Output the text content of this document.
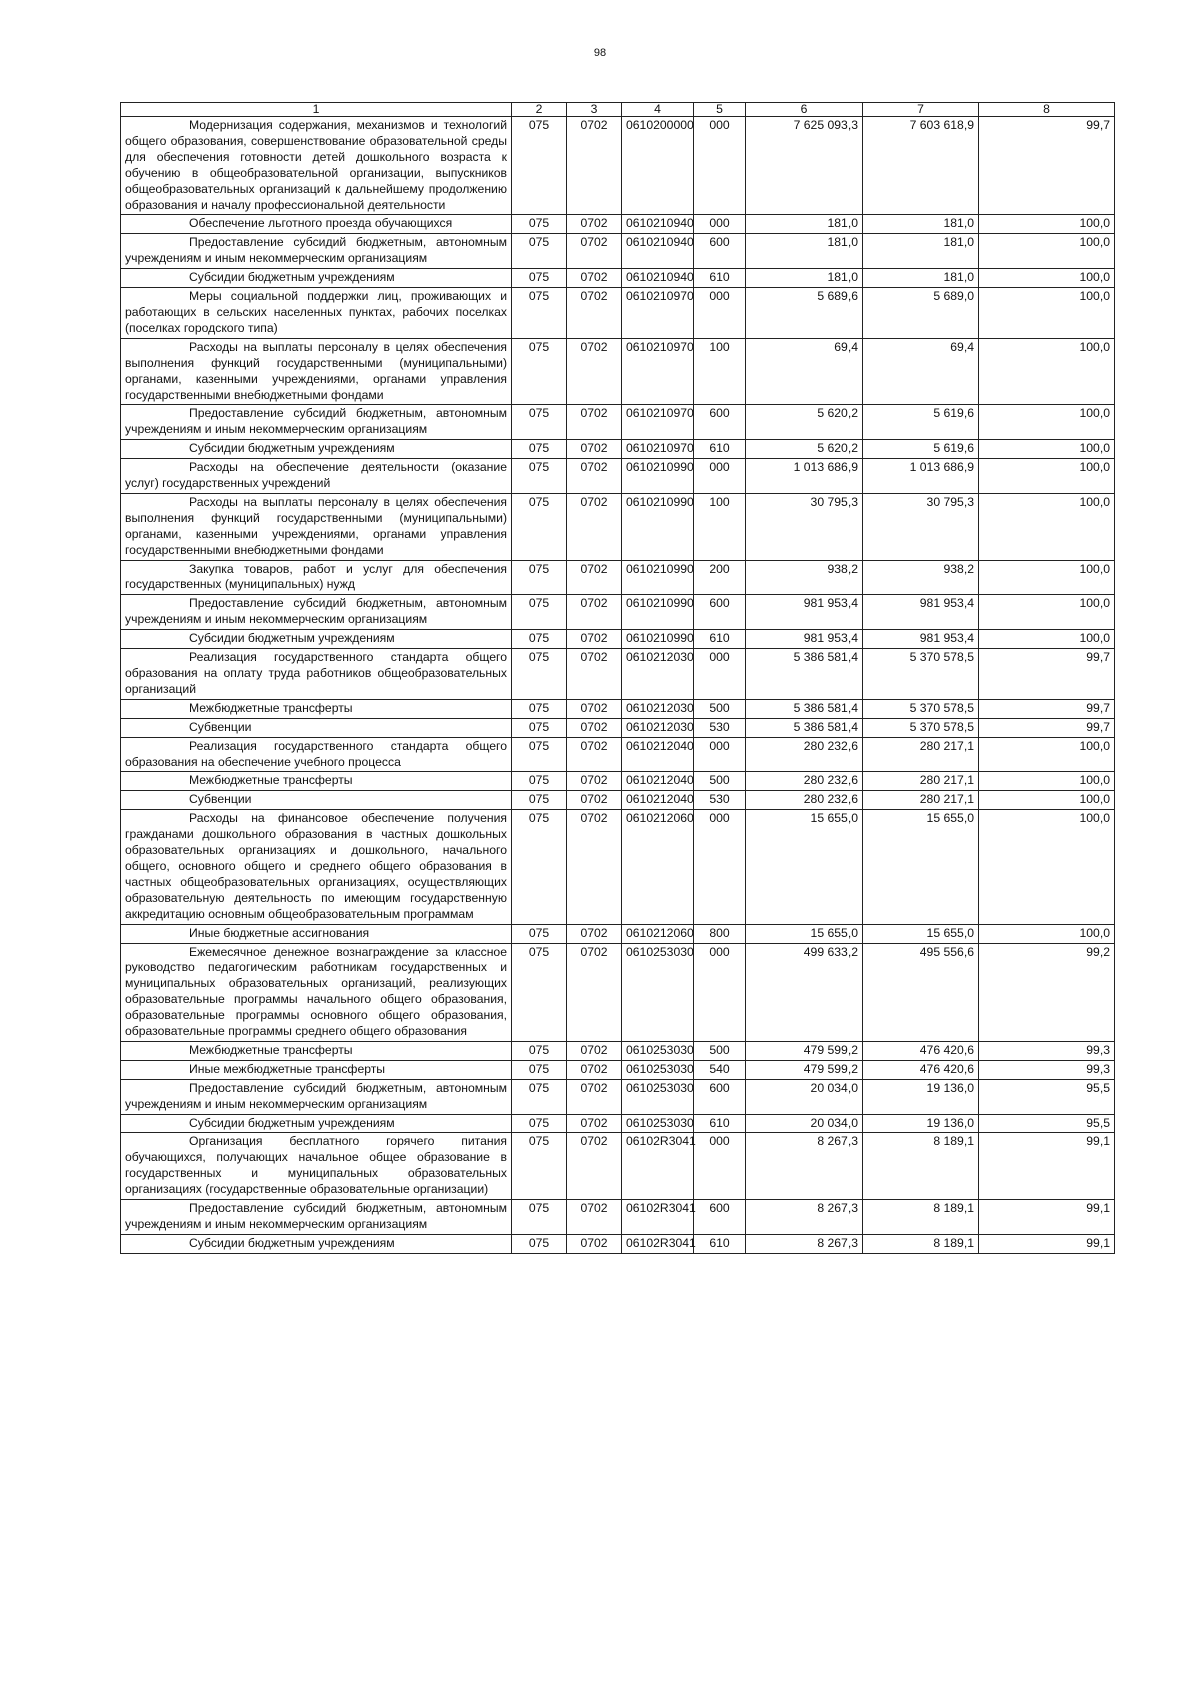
98
1	2	3	4	5	6	7	8
Модернизация содержания, механизмов и технологий общего образования, совершенствование образовательной среды для обеспечения готовности детей дошкольного возраста к обучению в общеобразовательной организации, выпускников общеобразовательных организаций к дальнейшему продолжению образования и началу профессиональной деятельности	075	0702	0610200000	000	7 625 093,3	7 603 618,9	99,7
Обеспечение льготного проезда обучающихся	075	0702	0610210940	000	181,0	181,0	100,0
Предоставление субсидий бюджетным, автономным учреждениям и иным некоммерческим организациям	075	0702	0610210940	600	181,0	181,0	100,0
Субсидии бюджетным учреждениям	075	0702	0610210940	610	181,0	181,0	100,0
Меры социальной поддержки лиц, проживающих и работающих в сельских населенных пунктах, рабочих поселках (поселках городского типа)	075	0702	0610210970	000	5 689,6	5 689,0	100,0
Расходы на выплаты персоналу в целях обеспечения выполнения функций государственными (муниципальными) органами, казенными учреждениями, органами управления государственными внебюджетными фондами	075	0702	0610210970	100	69,4	69,4	100,0
Предоставление субсидий бюджетным, автономным учреждениям и иным некоммерческим организациям	075	0702	0610210970	600	5 620,2	5 619,6	100,0
Субсидии бюджетным учреждениям	075	0702	0610210970	610	5 620,2	5 619,6	100,0
Расходы на обеспечение деятельности (оказание услуг) государственных учреждений	075	0702	0610210990	000	1 013 686,9	1 013 686,9	100,0
Расходы на выплаты персоналу в целях обеспечения выполнения функций государственными (муниципальными) органами, казенными учреждениями, органами управления государственными внебюджетными фондами	075	0702	0610210990	100	30 795,3	30 795,3	100,0
Закупка товаров, работ и услуг для обеспечения государственных (муниципальных) нужд	075	0702	0610210990	200	938,2	938,2	100,0
Предоставление субсидий бюджетным, автономным учреждениям и иным некоммерческим организациям	075	0702	0610210990	600	981 953,4	981 953,4	100,0
Субсидии бюджетным учреждениям	075	0702	0610210990	610	981 953,4	981 953,4	100,0
Реализация государственного стандарта общего образования на оплату труда работников общеобразовательных организаций	075	0702	0610212030	000	5 386 581,4	5 370 578,5	99,7
Межбюджетные трансферты	075	0702	0610212030	500	5 386 581,4	5 370 578,5	99,7
Субвенции	075	0702	0610212030	530	5 386 581,4	5 370 578,5	99,7
Реализация государственного стандарта общего образования на обеспечение учебного процесса	075	0702	0610212040	000	280 232,6	280 217,1	100,0
Межбюджетные трансферты	075	0702	0610212040	500	280 232,6	280 217,1	100,0
Субвенции	075	0702	0610212040	530	280 232,6	280 217,1	100,0
Расходы на финансовое обеспечение получения гражданами дошкольного образования в частных дошкольных образовательных организациях и дошкольного, начального общего, основного общего и среднего общего образования в частных общеобразовательных организациях, осуществляющих образовательную деятельность по имеющим государственную аккредитацию основным общеобразовательным программам	075	0702	0610212060	000	15 655,0	15 655,0	100,0
Иные бюджетные ассигнования	075	0702	0610212060	800	15 655,0	15 655,0	100,0
Ежемесячное денежное вознаграждение за классное руководство педагогическим работникам государственных и муниципальных образовательных организаций, реализующих образовательные программы начального общего образования, образовательные программы основного общего образования, образовательные программы среднего общего образования	075	0702	0610253030	000	499 633,2	495 556,6	99,2
Межбюджетные трансферты	075	0702	0610253030	500	479 599,2	476 420,6	99,3
Иные межбюджетные трансферты	075	0702	0610253030	540	479 599,2	476 420,6	99,3
Предоставление субсидий бюджетным, автономным учреждениям и иным некоммерческим организациям	075	0702	0610253030	600	20 034,0	19 136,0	95,5
Субсидии бюджетным учреждениям	075	0702	0610253030	610	20 034,0	19 136,0	95,5
Организация бесплатного горячего питания обучающихся, получающих начальное общее образование в государственных и муниципальных образовательных организациях (государственные образовательные организации)	075	0702	06102R3041	000	8 267,3	8 189,1	99,1
Предоставление субсидий бюджетным, автономным учреждениям и иным некоммерческим организациям	075	0702	06102R3041	600	8 267,3	8 189,1	99,1
Субсидии бюджетным учреждениям	075	0702	06102R3041	610	8 267,3	8 189,1	99,1
